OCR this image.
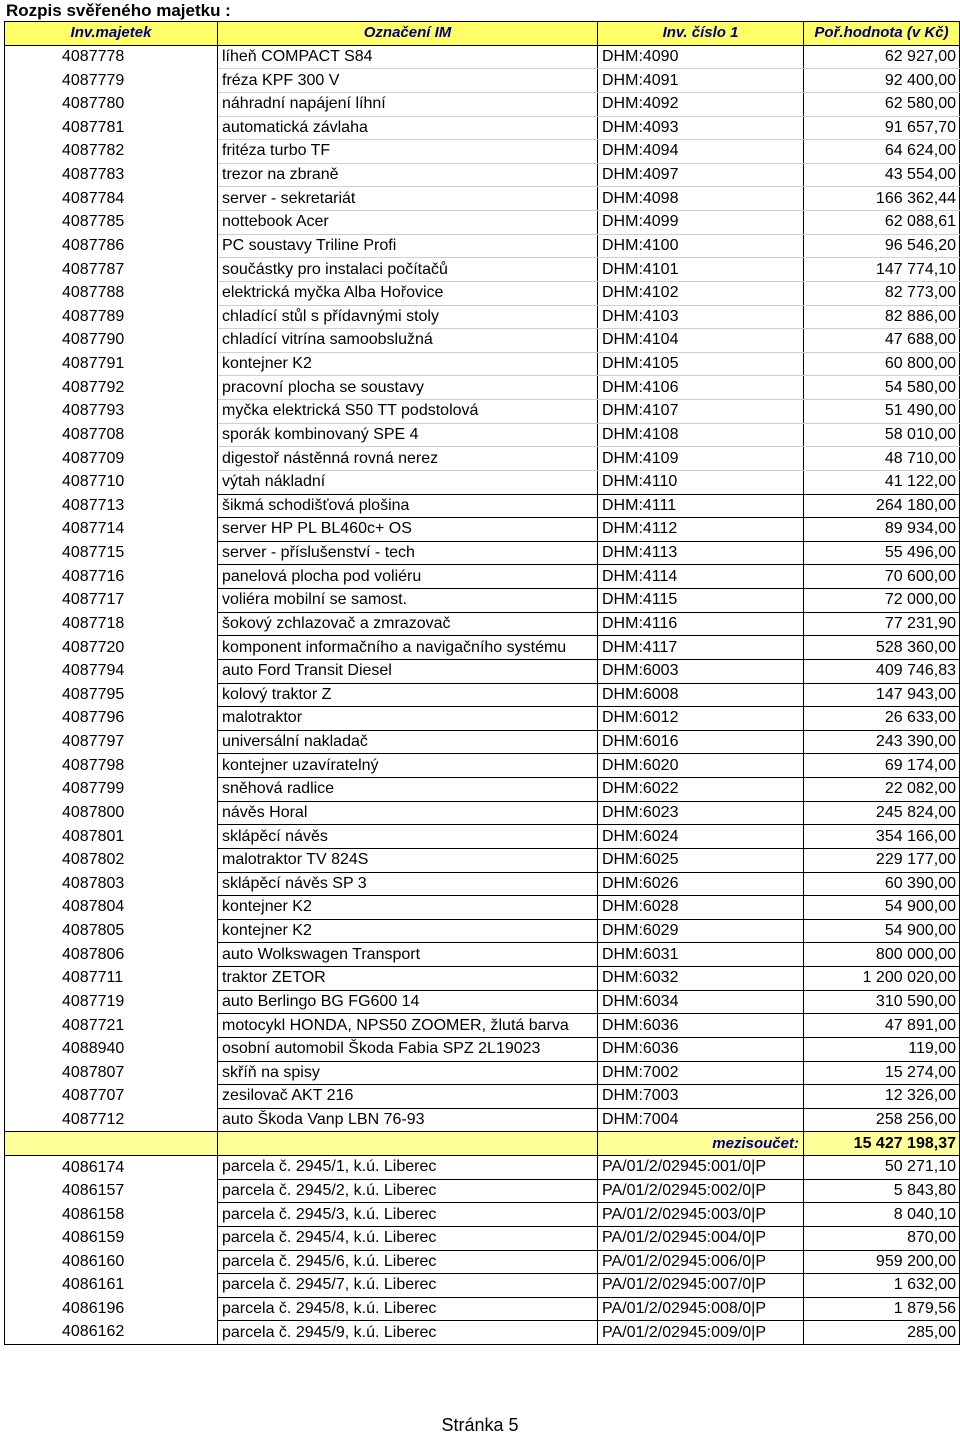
Rozpis svěřeného majetku :
Inv.majetek	Označení IM	Inv. číslo 1	Poř.hodnota (v Kč)
4087778	líheň COMPACT S84	DHM:4090	62 927,00
4087779	fréza KPF 300 V	DHM:4091	92 400,00
4087780	náhradní napájení líhní	DHM:4092	62 580,00
4087781	automatická závlaha	DHM:4093	91 657,70
4087782	fritéza turbo TF	DHM:4094	64 624,00
4087783	trezor na zbraně	DHM:4097	43 554,00
4087784	server - sekretariát	DHM:4098	166 362,44
4087785	nottebook Acer	DHM:4099	62 088,61
4087786	PC soustavy Triline Profi	DHM:4100	96 546,20
4087787	součástky pro instalaci počítačů	DHM:4101	147 774,10
4087788	elektrická myčka Alba Hořovice	DHM:4102	82 773,00
4087789	chladící stůl s přídavnými stoly	DHM:4103	82 886,00
4087790	chladící vitrína samoobslužná	DHM:4104	47 688,00
4087791	kontejner K2	DHM:4105	60 800,00
4087792	pracovní plocha se soustavy	DHM:4106	54 580,00
4087793	myčka elektrická S50 TT podstolová	DHM:4107	51 490,00
4087708	sporák kombinovaný SPE 4	DHM:4108	58 010,00
4087709	digestoř nástěnná rovná nerez	DHM:4109	48 710,00
4087710	výtah nákladní	DHM:4110	41 122,00
4087713	šikmá schodišťová plošina	DHM:4111	264 180,00
4087714	server HP PL BL460c+ OS	DHM:4112	89 934,00
4087715	server - příslušenství - tech	DHM:4113	55 496,00
4087716	panelová plocha pod voliéru	DHM:4114	70 600,00
4087717	voliéra mobilní se samost.	DHM:4115	72 000,00
4087718	šokový zchlazovač a zmrazovač	DHM:4116	77 231,90
4087720	komponent informačního a navigačního systému	DHM:4117	528 360,00
4087794	auto Ford Transit Diesel	DHM:6003	409 746,83
4087795	kolový traktor Z	DHM:6008	147 943,00
4087796	malotraktor	DHM:6012	26 633,00
4087797	universální nakladač	DHM:6016	243 390,00
4087798	kontejner uzavíratelný	DHM:6020	69 174,00
4087799	sněhová radlice	DHM:6022	22 082,00
4087800	návěs Horal	DHM:6023	245 824,00
4087801	sklápěcí návěs	DHM:6024	354 166,00
4087802	malotraktor TV 824S	DHM:6025	229 177,00
4087803	sklápěcí návěs SP 3	DHM:6026	60 390,00
4087804	kontejner K2	DHM:6028	54 900,00
4087805	kontejner K2	DHM:6029	54 900,00
4087806	auto Wolkswagen Transport	DHM:6031	800 000,00
4087711	traktor ZETOR	DHM:6032	1 200 020,00
4087719	auto Berlingo BG FG600 14	DHM:6034	310 590,00
4087721	motocykl HONDA, NPS50 ZOOMER, žlutá barva	DHM:6036	47 891,00
4088940	osobní automobil Škoda Fabia SPZ 2L19023	DHM:6036	119,00
4087807	skříň na spisy	DHM:7002	15 274,00
4087707	zesilovač AKT 216	DHM:7003	12 326,00
4087712	auto Škoda Vanp LBN 76-93	DHM:7004	258 256,00
		mezisoučet:	15 427 198,37
4086174	parcela č. 2945/1, k.ú. Liberec	PA/01/2/02945:001/0|P	50 271,10
4086157	parcela č. 2945/2, k.ú. Liberec	PA/01/2/02945:002/0|P	5 843,80
4086158	parcela č. 2945/3, k.ú. Liberec	PA/01/2/02945:003/0|P	8 040,10
4086159	parcela č. 2945/4, k.ú. Liberec	PA/01/2/02945:004/0|P	870,00
4086160	parcela č. 2945/6, k.ú. Liberec	PA/01/2/02945:006/0|P	959 200,00
4086161	parcela č. 2945/7, k.ú. Liberec	PA/01/2/02945:007/0|P	1 632,00
4086196	parcela č. 2945/8, k.ú. Liberec	PA/01/2/02945:008/0|P	1 879,56
4086162	parcela č. 2945/9, k.ú. Liberec	PA/01/2/02945:009/0|P	285,00
Stránka 5
